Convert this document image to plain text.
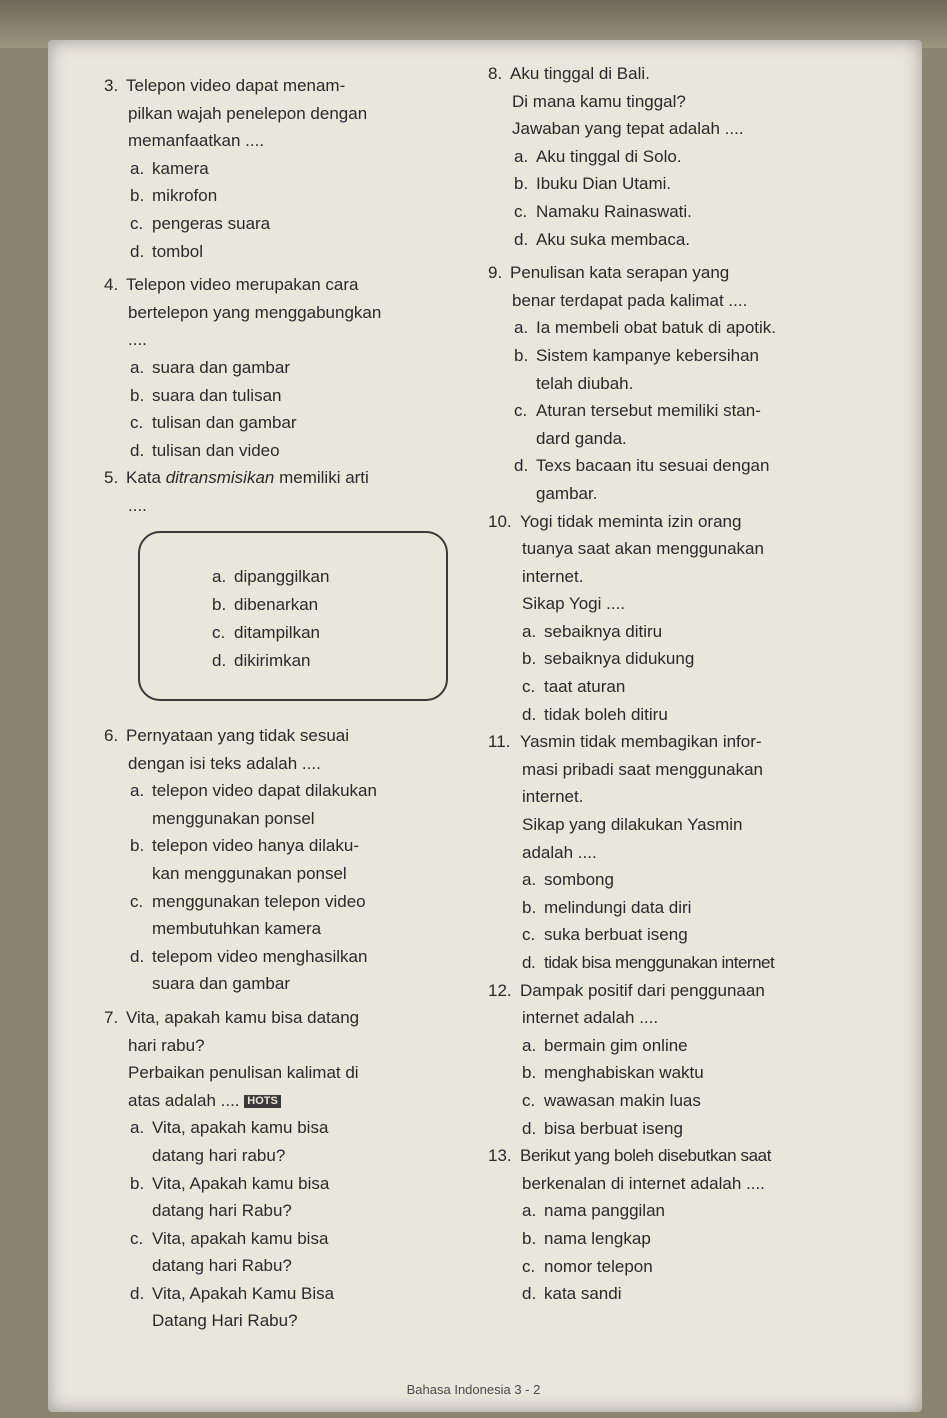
3. Telepon video dapat menam-
pilkan wajah penelepon dengan
memanfaatkan ....
a. kamera
b. mikrofon
c. pengeras suara
d. tombol
4. Telepon video merupakan cara
bertelepon yang menggabungkan
....
a. suara dan gambar
b. suara dan tulisan
c. tulisan dan gambar
d. tulisan dan video
5. Kata ditransmisikan memiliki arti
....
a. dipanggilkan
b. dibenarkan
c. ditampilkan
d. dikirimkan
6. Pernyataan yang tidak sesuai
dengan isi teks adalah ....
a. telepon video dapat dilakukan
menggunakan ponsel
b. telepon video hanya dilaku-
kan menggunakan ponsel
c. menggunakan telepon video
membutuhkan kamera
d. telepom video menghasilkan
suara dan gambar
7. Vita, apakah kamu bisa datang
hari rabu?
Perbaikan penulisan kalimat di
atas adalah .... HOTS
a. Vita, apakah kamu bisa
datang hari rabu?
b. Vita, Apakah kamu bisa
datang hari Rabu?
c. Vita, apakah kamu bisa
datang hari Rabu?
d. Vita, Apakah Kamu Bisa
Datang Hari Rabu?
8. Aku tinggal di Bali.
Di mana kamu tinggal?
Jawaban yang tepat adalah ....
a. Aku tinggal di Solo.
b. Ibuku Dian Utami.
c. Namaku Rainaswati.
d. Aku suka membaca.
9. Penulisan kata serapan yang
benar terdapat pada kalimat ....
a. Ia membeli obat batuk di apotik.
b. Sistem kampanye kebersihan
telah diubah.
c. Aturan tersebut memiliki stan-
dard ganda.
d. Texs bacaan itu sesuai dengan
gambar.
10. Yogi tidak meminta izin orang
tuanya saat akan menggunakan
internet.
Sikap Yogi ....
a. sebaiknya ditiru
b. sebaiknya didukung
c. taat aturan
d. tidak boleh ditiru
11. Yasmin tidak membagikan infor-
masi pribadi saat menggunakan
internet.
Sikap yang dilakukan Yasmin
adalah ....
a. sombong
b. melindungi data diri
c. suka berbuat iseng
d. tidak bisa menggunakan internet
12. Dampak positif dari penggunaan
internet adalah ....
a. bermain gim online
b. menghabiskan waktu
c. wawasan makin luas
d. bisa berbuat iseng
13. Berikut yang boleh disebutkan saat
berkenalan di internet adalah ....
a. nama panggilan
b. nama lengkap
c. nomor telepon
d. kata sandi
Bahasa Indonesia 3 - 2
